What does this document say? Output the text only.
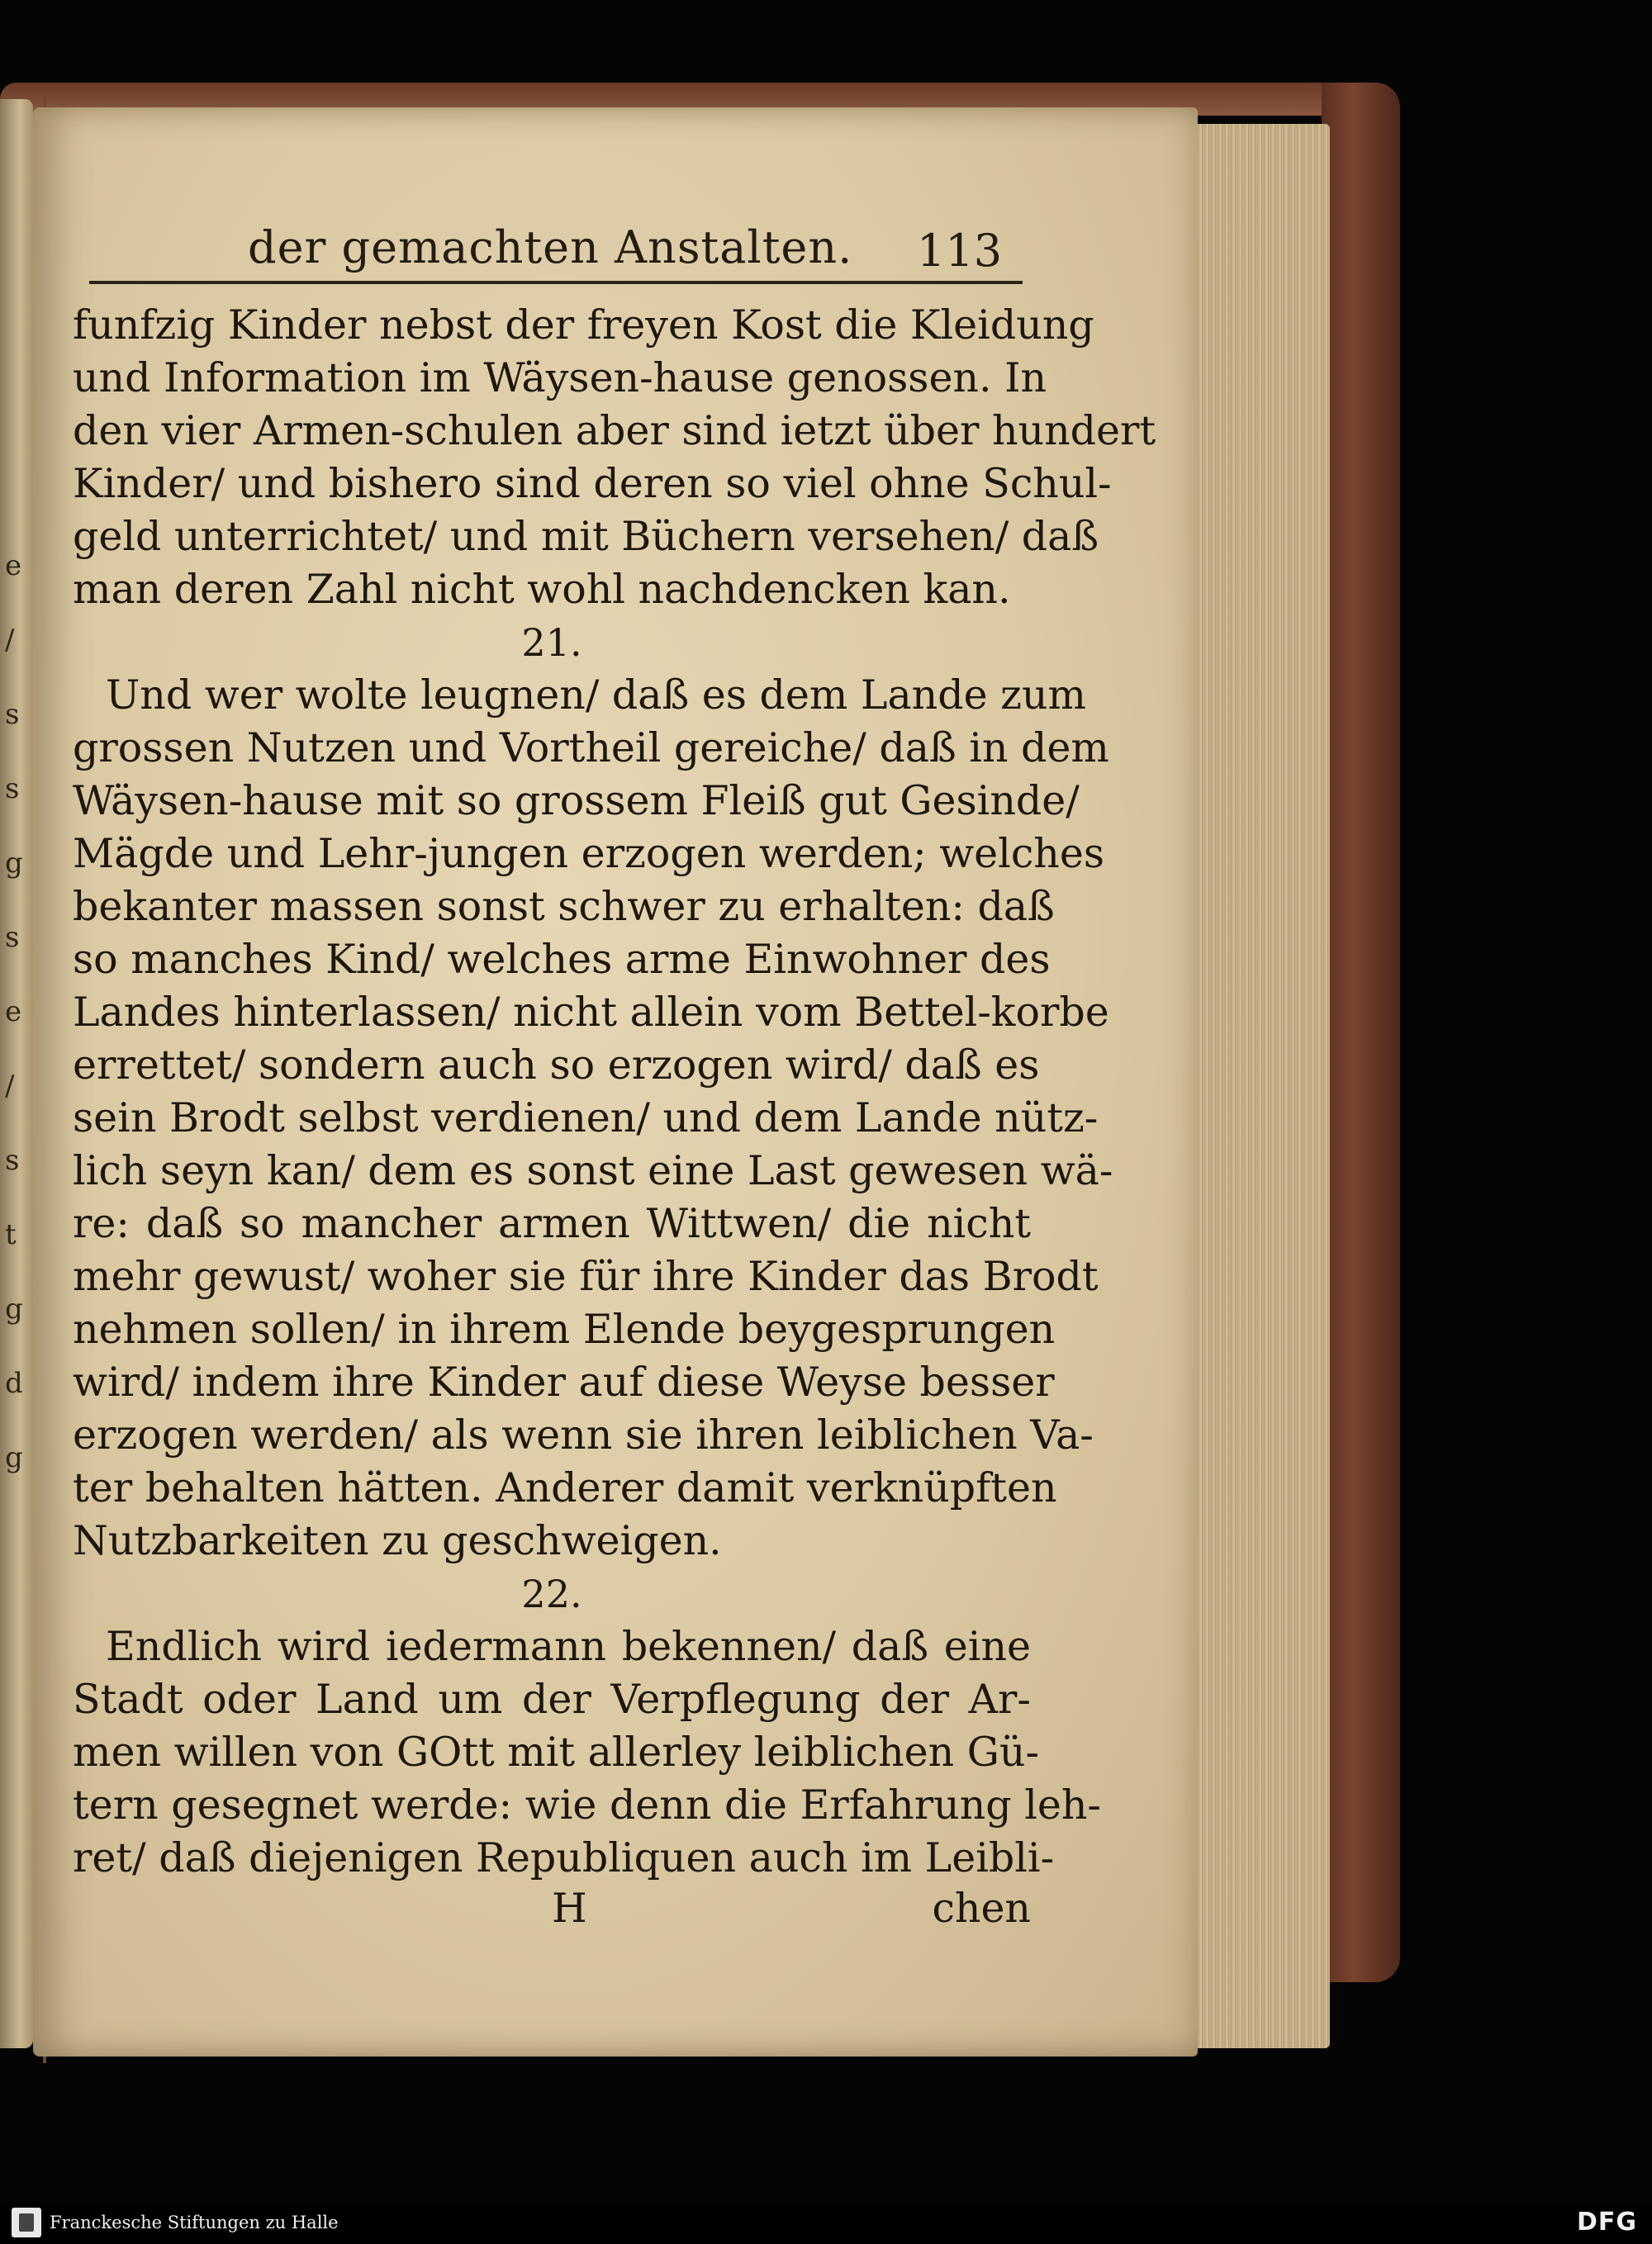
e
/
s
s
g
s
e
/
s
t
g
d
g
der gemachten Anstalten. 113
funfzig Kinder nebst der freyen Kost die Kleidung
und Information im Wäysen-hause genossen. In
den vier Armen-schulen aber sind ietzt über hundert
Kinder/ und bishero sind deren so viel ohne Schul-
geld unterrichtet/ und mit Büchern versehen/ daß
man deren Zahl nicht wohl nachdencken kan.
21.
Und wer wolte leugnen/ daß es dem Lande zum
grossen Nutzen und Vortheil gereiche/ daß in dem
Wäysen-hause mit so grossem Fleiß gut Gesinde/
Mägde und Lehr-jungen erzogen werden; welches
bekanter massen sonst schwer zu erhalten: daß
so manches Kind/ welches arme Einwohner des
Landes hinterlassen/ nicht allein vom Bettel-korbe
errettet/ sondern auch so erzogen wird/ daß es
sein Brodt selbst verdienen/ und dem Lande nütz-
lich seyn kan/ dem es sonst eine Last gewesen wä-
re: daß so mancher armen Wittwen/ die nicht
mehr gewust/ woher sie für ihre Kinder das Brodt
nehmen sollen/ in ihrem Elende beygesprungen
wird/ indem ihre Kinder auf diese Weyse besser
erzogen werden/ als wenn sie ihren leiblichen Va-
ter behalten hätten. Anderer damit verknüpften
Nutzbarkeiten zu geschweigen.
22.
Endlich wird iedermann bekennen/ daß eine
Stadt oder Land um der Verpflegung der Ar-
men willen von GOtt mit allerley leiblichen Gü-
tern gesegnet werde: wie denn die Erfahrung leh-
ret/ daß diejenigen Republiquen auch im Leibli-
H	chen
Franckesche Stiftungen zu Halle	DFG
